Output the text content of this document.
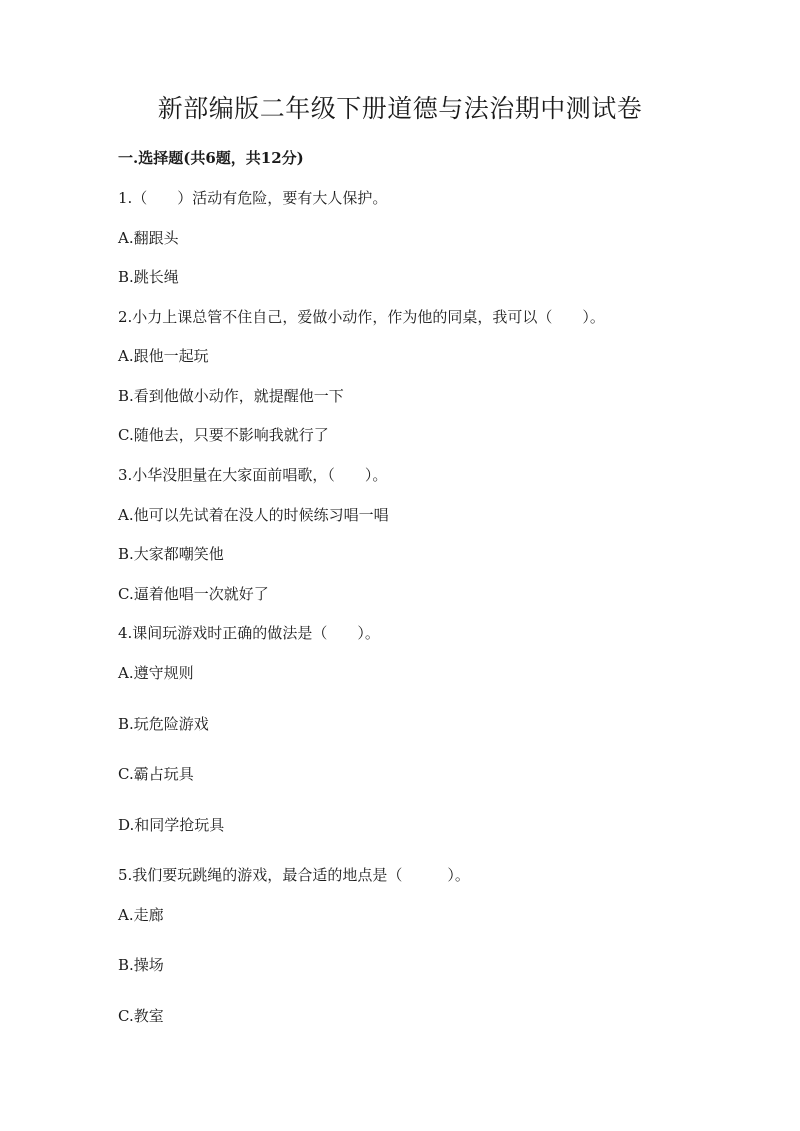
新部编版二年级下册道德与法治期中测试卷
一.选择题(共6题，共12分)
1.（　　）活动有危险，要有大人保护。
A.翻跟头
B.跳长绳
2.小力上课总管不住自己，爱做小动作，作为他的同桌，我可以（　　）。
A.跟他一起玩
B.看到他做小动作，就提醒他一下
C.随他去，只要不影响我就行了
3.小华没胆量在大家面前唱歌，（　　）。
A.他可以先试着在没人的时候练习唱一唱
B.大家都嘲笑他
C.逼着他唱一次就好了
4.课间玩游戏时正确的做法是（　　）。
A.遵守规则
B.玩危险游戏
C.霸占玩具
D.和同学抢玩具
5.我们要玩跳绳的游戏，最合适的地点是（　　　）。
A.走廊
B.操场
C.教室
